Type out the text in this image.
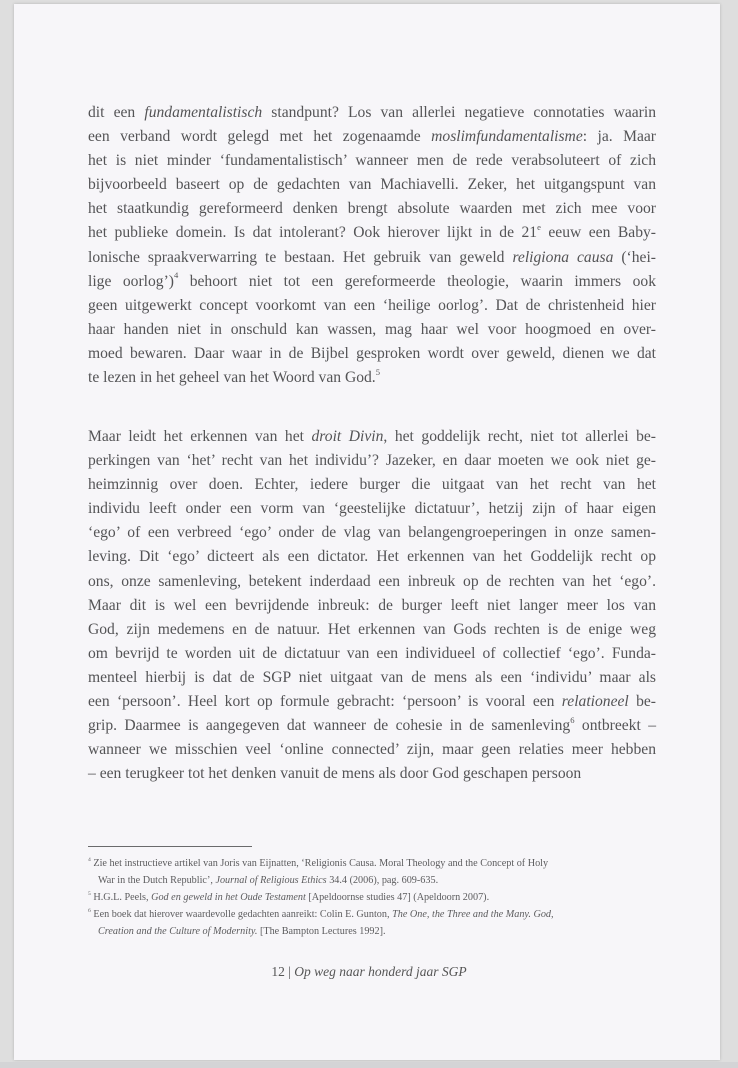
dit een fundamentalistisch standpunt? Los van allerlei negatieve connotaties waarin
een verband wordt gelegd met het zogenaamde moslimfundamentalisme: ja. Maar
het is niet minder ‘fundamentalistisch’ wanneer men de rede verabsoluteert of zich
bijvoorbeeld baseert op de gedachten van Machiavelli. Zeker, het uitgangspunt van
het staatkundig gereformeerd denken brengt absolute waarden met zich mee voor
het publieke domein. Is dat intolerant? Ook hierover lijkt in de 21e eeuw een Baby-
lonische spraakverwarring te bestaan. Het gebruik van geweld religiona causa (‘hei-
lige oorlog’)$^4$ behoort niet tot een gereformeerde theologie, waarin immers ook
geen uitgewerkt concept voorkomt van een ‘heilige oorlog’. Dat de christenheid hier
haar handen niet in onschuld kan wassen, mag haar wel voor hoogmoed en over-
moed bewaren. Daar waar in de Bijbel gesproken wordt over geweld, dienen we dat
te lezen in het geheel van het Woord van God.$^5$
Maar leidt het erkennen van het droit Divin, het goddelijk recht, niet tot allerlei be-
perkingen van ‘het’ recht van het individu’? Jazeker, en daar moeten we ook niet ge-
heimzinnig over doen. Echter, iedere burger die uitgaat van het recht van het
individu leeft onder een vorm van ‘geestelijke dictatuur’, hetzij zijn of haar eigen
‘ego’ of een verbreed ‘ego’ onder de vlag van belangengroeperingen in onze samen-
leving. Dit ‘ego’ dicteert als een dictator. Het erkennen van het Goddelijk recht op
ons, onze samenleving, betekent inderdaad een inbreuk op de rechten van het ‘ego’.
Maar dit is wel een bevrijdende inbreuk: de burger leeft niet langer meer los van
God, zijn medemens en de natuur. Het erkennen van Gods rechten is de enige weg
om bevrijd te worden uit de dictatuur van een individueel of collectief ‘ego’. Funda-
menteel hierbij is dat de SGP niet uitgaat van de mens als een ‘individu’ maar als
een ‘persoon’. Heel kort op formule gebracht: ‘persoon’ is vooral een relationeel be-
grip. Daarmee is aangegeven dat wanneer de cohesie in de samenleving$^6$ ontbreekt –
wanneer we misschien veel ‘online connected’ zijn, maar geen relaties meer hebben
– een terugkeer tot het denken vanuit de mens als door God geschapen persoon
$^4$ Zie het instructieve artikel van Joris van Eijnatten, ‘Religionis Causa. Moral Theology and the Concept of Holy
War in the Dutch Republic’, Journal of Religious Ethics 34.4 (2006), pag. 609-635.
$^5$ H.G.L. Peels, God en geweld in het Oude Testament [Apeldoornse studies 47] (Apeldoorn 2007).
$^6$ Een boek dat hierover waardevolle gedachten aanreikt: Colin E. Gunton, The One, the Three and the Many. God,
Creation and the Culture of Modernity. [The Bampton Lectures 1992].
12 | Op weg naar honderd jaar SGP
